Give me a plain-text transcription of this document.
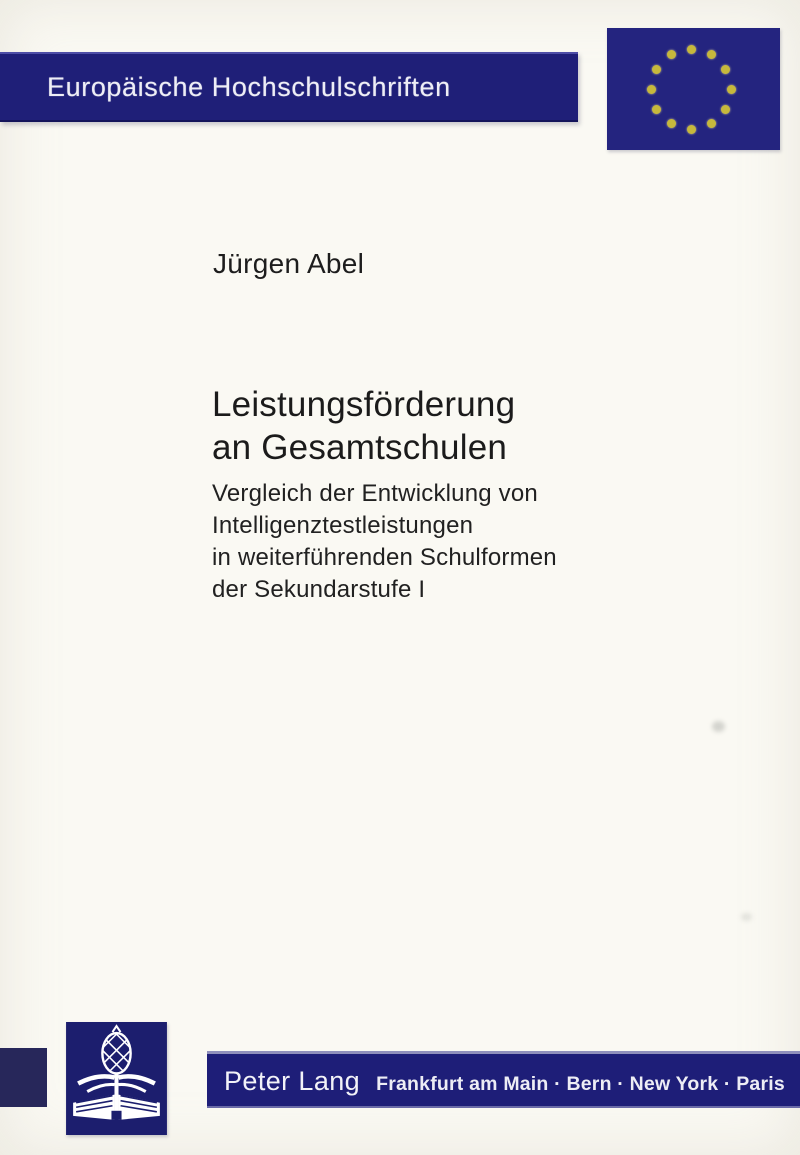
Europäische Hochschulschriften
Jürgen Abel
Leistungsförderung
an Gesamtschulen
Vergleich der Entwicklung von
Intelligenztestleistungen
in weiterführenden Schulformen
der Sekundarstufe I
Peter Lang Frankfurt am Main · Bern · New York · Paris
